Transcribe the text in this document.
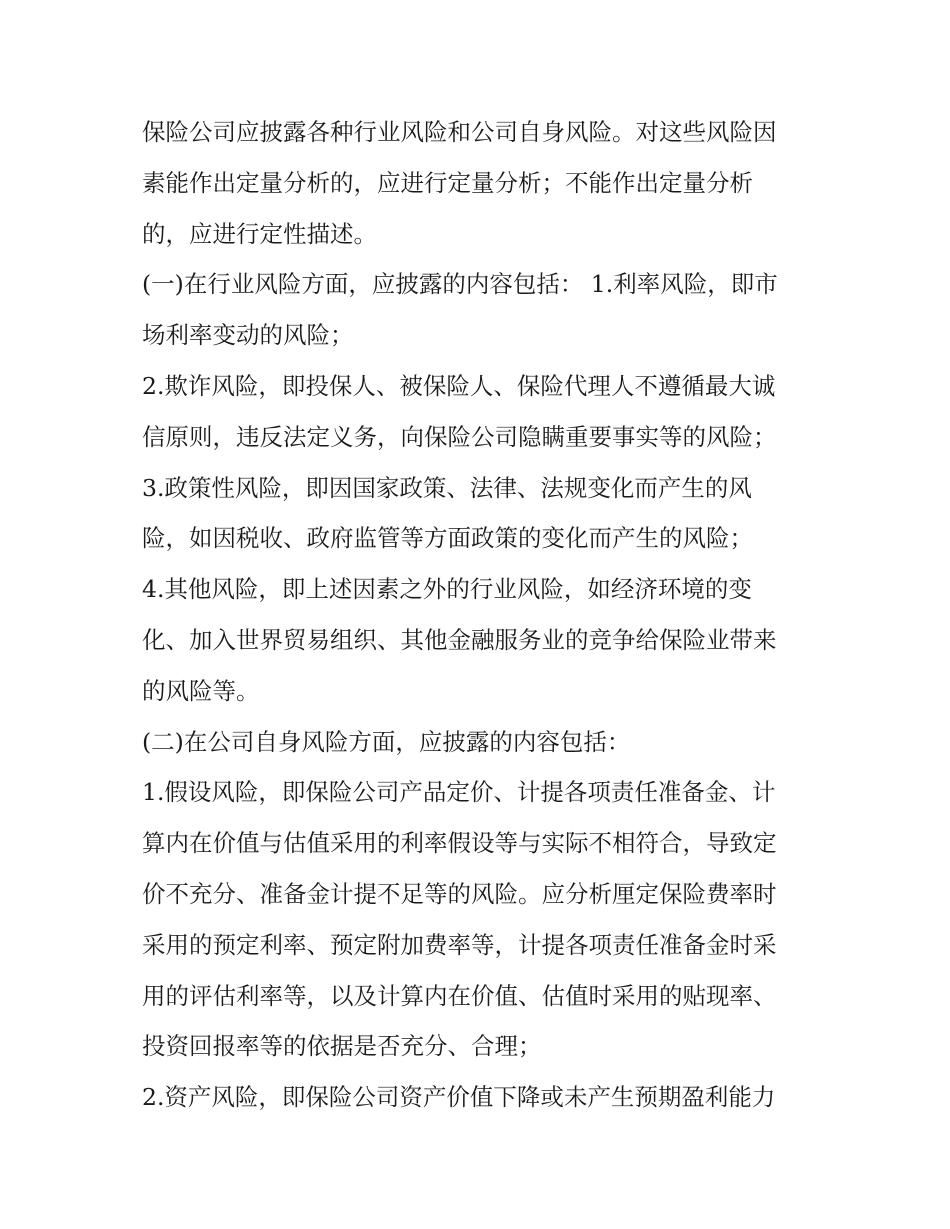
保险公司应披露各种行业风险和公司自身风险。对这些风险因
素能作出定量分析的，应进行定量分析；不能作出定量分析
的，应进行定性描述。
(一)在行业风险方面，应披露的内容包括： 1.利率风险，即市
场利率变动的风险；
2.欺诈风险，即投保人、被保险人、保险代理人不遵循最大诚
信原则，违反法定义务，向保险公司隐瞒重要事实等的风险；
3.政策性风险，即因国家政策、法律、法规变化而产生的风
险，如因税收、政府监管等方面政策的变化而产生的风险；
4.其他风险，即上述因素之外的行业风险，如经济环境的变
化、加入世界贸易组织、其他金融服务业的竞争给保险业带来
的风险等。
(二)在公司自身风险方面，应披露的内容包括：
1.假设风险，即保险公司产品定价、计提各项责任准备金、计
算内在价值与估值采用的利率假设等与实际不相符合，导致定
价不充分、准备金计提不足等的风险。应分析厘定保险费率时
采用的预定利率、预定附加费率等，计提各项责任准备金时采
用的评估利率等，以及计算内在价值、估值时采用的贴现率、
投资回报率等的依据是否充分、合理；
2.资产风险，即保险公司资产价值下降或未产生预期盈利能力
